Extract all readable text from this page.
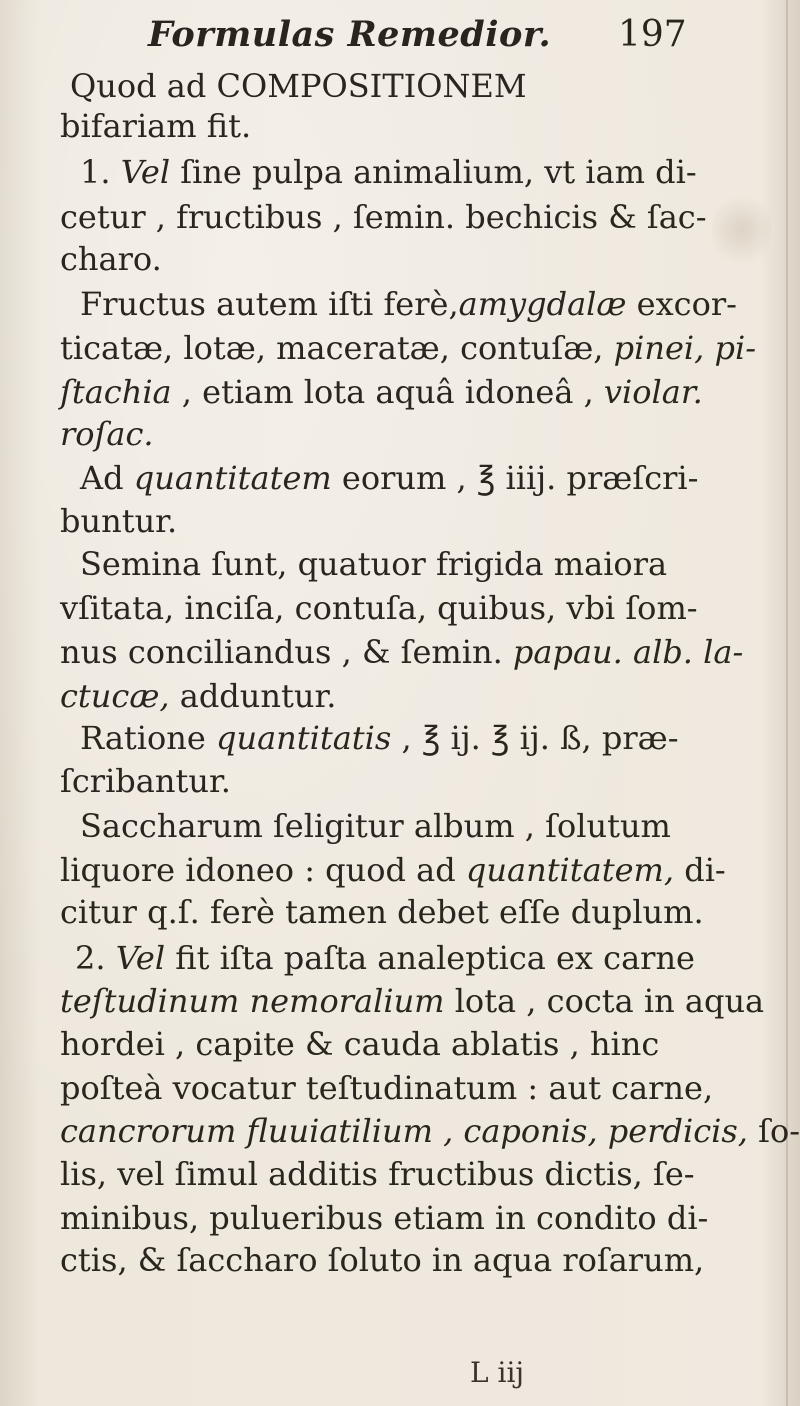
Formulas Remedior. 197
Quod ad COMPOSITIONEM
bifariam fit.
1. Vel ſine pulpa animalium, vt iam di-
cetur , fructibus , ſemin. bechicis & ſac-
charo.
Fructus autem iſti ferè,amygdalæ excor-
ticatæ, lotæ, maceratæ, contuſæ, pinei, pi-
ſtachia , etiam lota aquâ idoneâ , violar.
roſac.
Ad quantitatem eorum , ℥ iiij. præſcri-
buntur.
Semina ſunt, quatuor frigida maiora
vſitata, inciſa, contuſa, quibus, vbi ſom-
nus conciliandus , & ſemin. papau. alb. la-
ctucæ, adduntur.
Ratione quantitatis , ℥ ij. ℥ ij. ß, præ-
ſcribantur.
Saccharum ſeligitur album , ſolutum
liquore idoneo : quod ad quantitatem, di-
citur q.ſ. ferè tamen debet eſſe duplum.
2. Vel fit iſta paſta analeptica ex carne
teſtudinum nemoralium lota , cocta in aqua
hordei , capite & cauda ablatis , hinc
poſteà vocatur teſtudinatum : aut carne,
cancrorum fluuiatilium , caponis, perdicis, ſo-
lis, vel ſimul additis fructibus dictis, ſe-
minibus, pulueribus etiam in condito di-
ctis, & ſaccharo ſoluto in aqua roſarum,
L iij
